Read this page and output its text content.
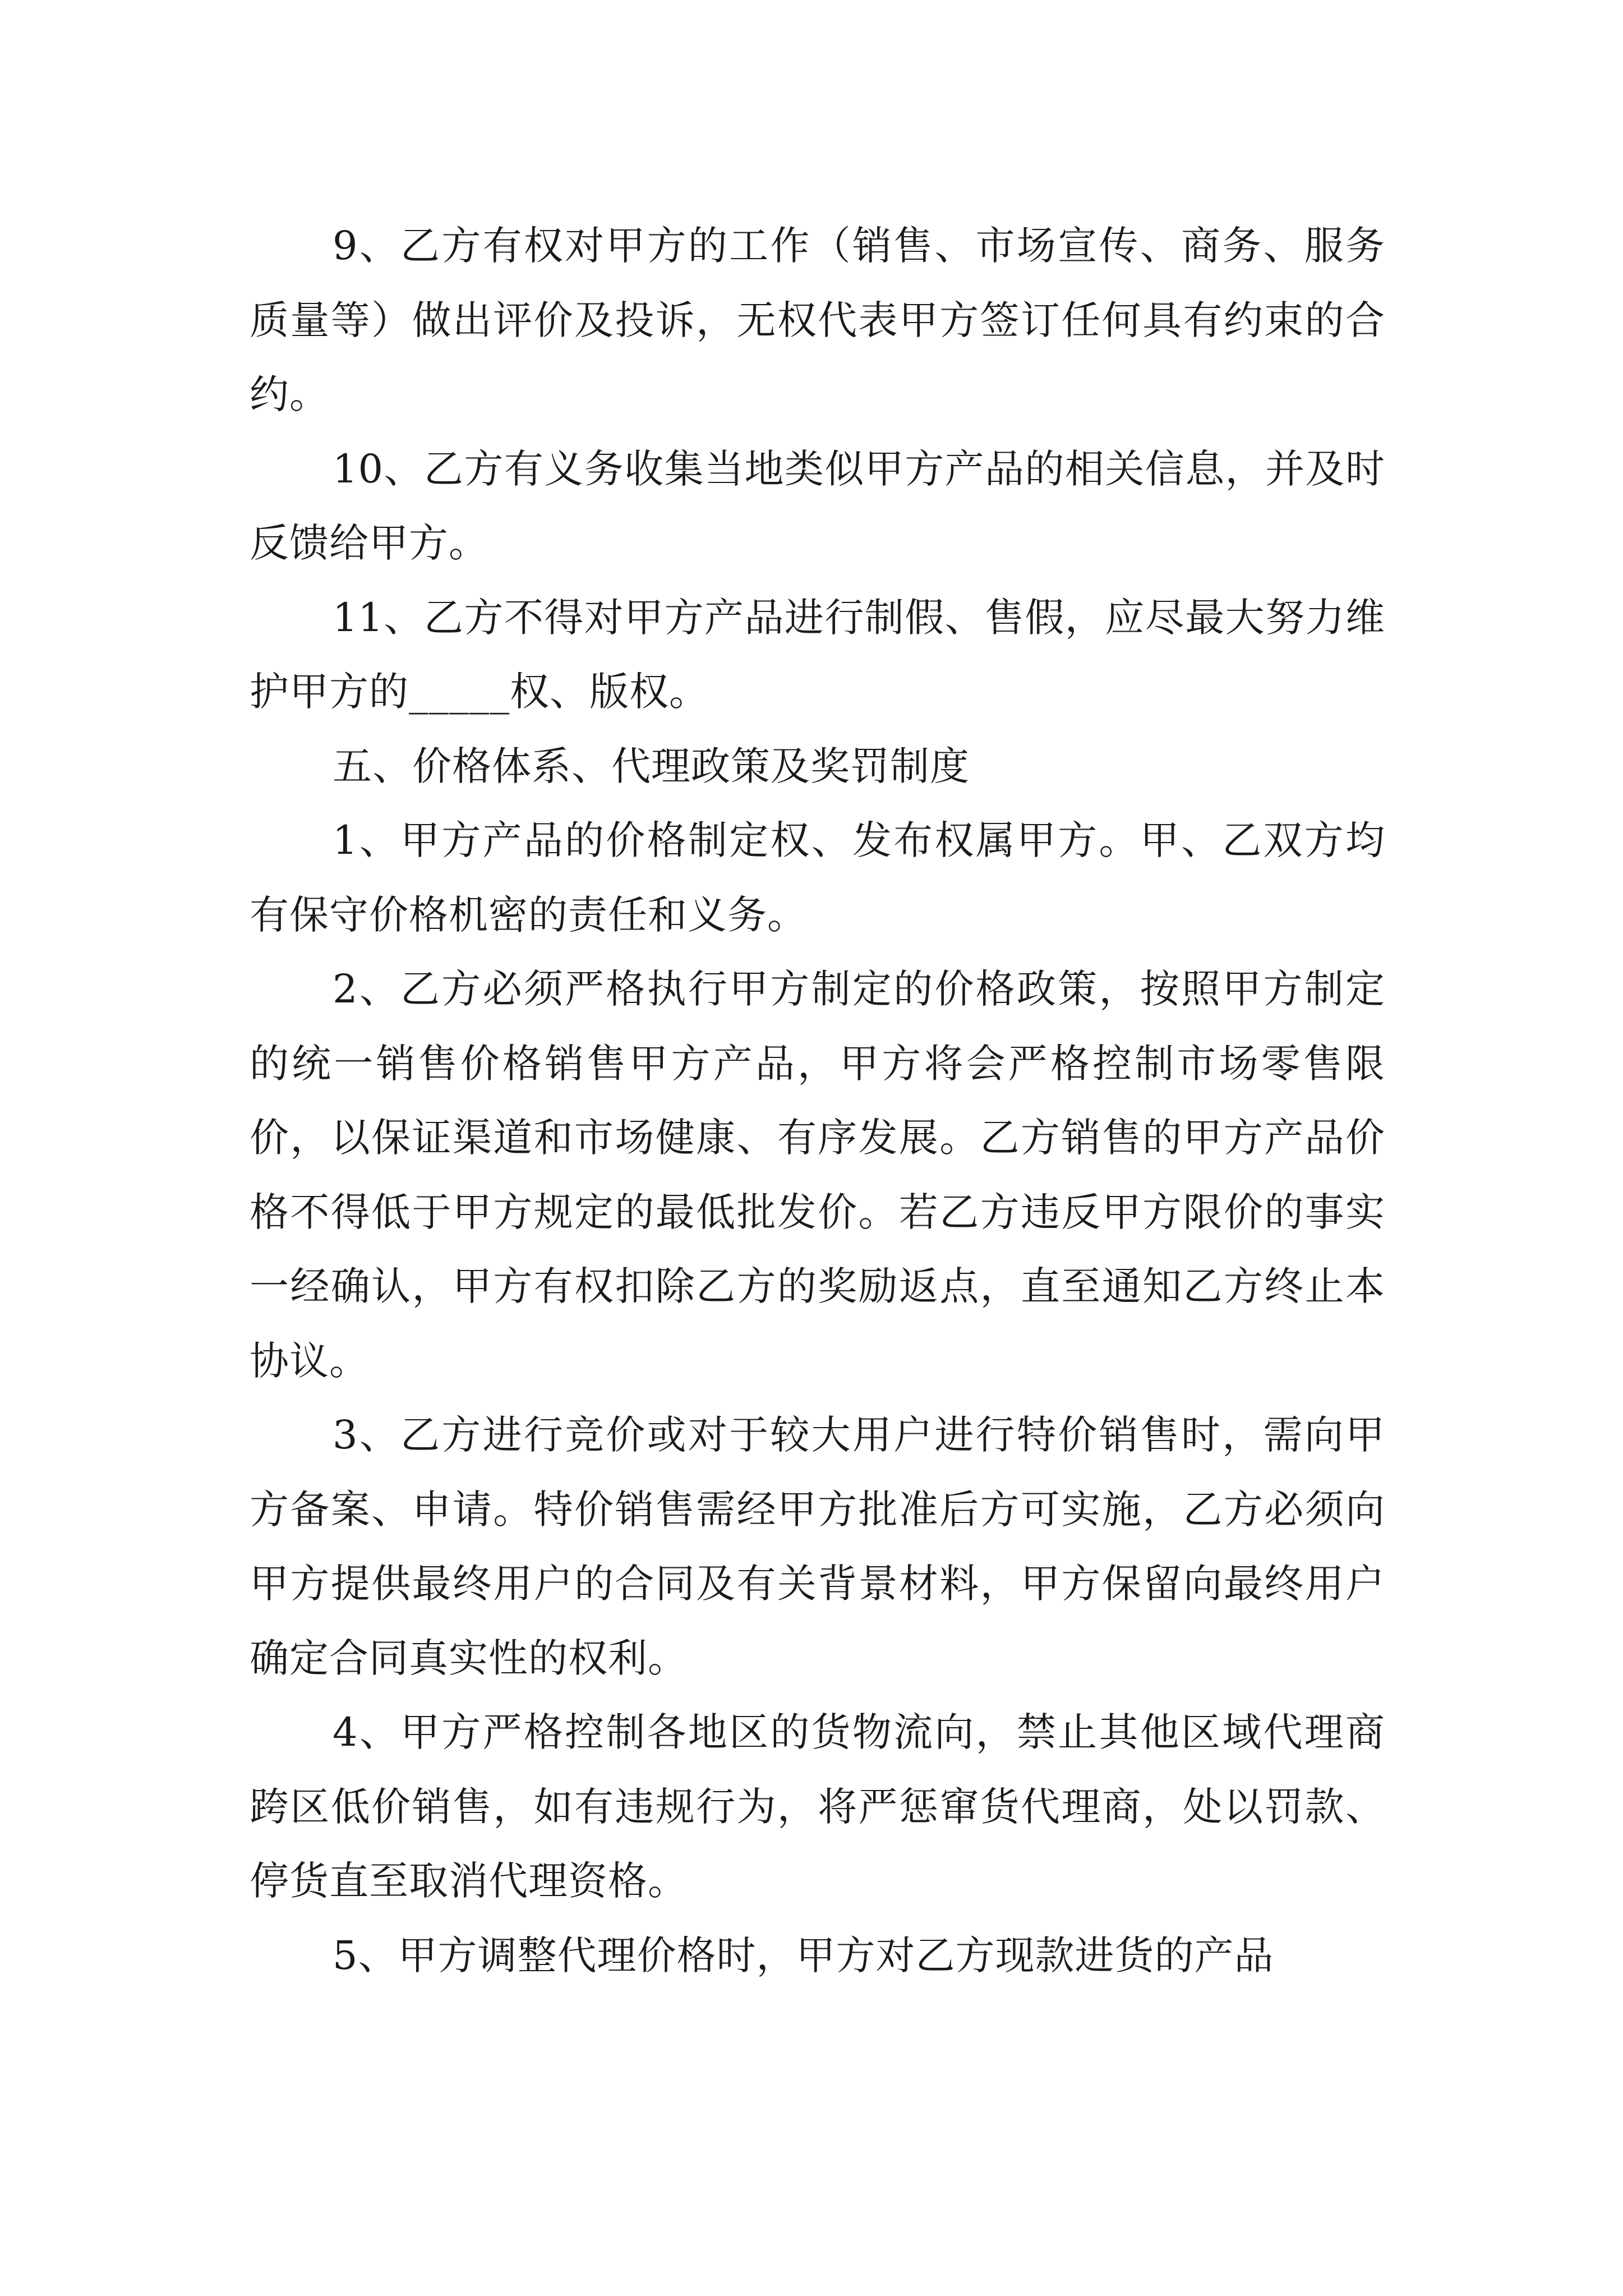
9、乙方有权对甲方的工作（销售、市场宣传、商务、服务质量等）做出评价及投诉，无权代表甲方签订任何具有约束的合约。

10、乙方有义务收集当地类似甲方产品的相关信息，并及时反馈给甲方。

11、乙方不得对甲方产品进行制假、售假，应尽最大努力维护甲方的_____权、版权。

五、价格体系、代理政策及奖罚制度

1、甲方产品的价格制定权、发布权属甲方。甲、乙双方均有保守价格机密的责任和义务。

2、乙方必须严格执行甲方制定的价格政策，按照甲方制定的统一销售价格销售甲方产品，甲方将会严格控制市场零售限价，以保证渠道和市场健康、有序发展。乙方销售的甲方产品价格不得低于甲方规定的最低批发价。若乙方违反甲方限价的事实一经确认，甲方有权扣除乙方的奖励返点，直至通知乙方终止本协议。

3、乙方进行竞价或对于较大用户进行特价销售时，需向甲方备案、申请。特价销售需经甲方批准后方可实施，乙方必须向甲方提供最终用户的合同及有关背景材料，甲方保留向最终用户确定合同真实性的权利。

4、甲方严格控制各地区的货物流向，禁止其他区域代理商跨区低价销售，如有违规行为，将严惩窜货代理商，处以罚款、停货直至取消代理资格。

5、甲方调整代理价格时，甲方对乙方现款进货的产品
